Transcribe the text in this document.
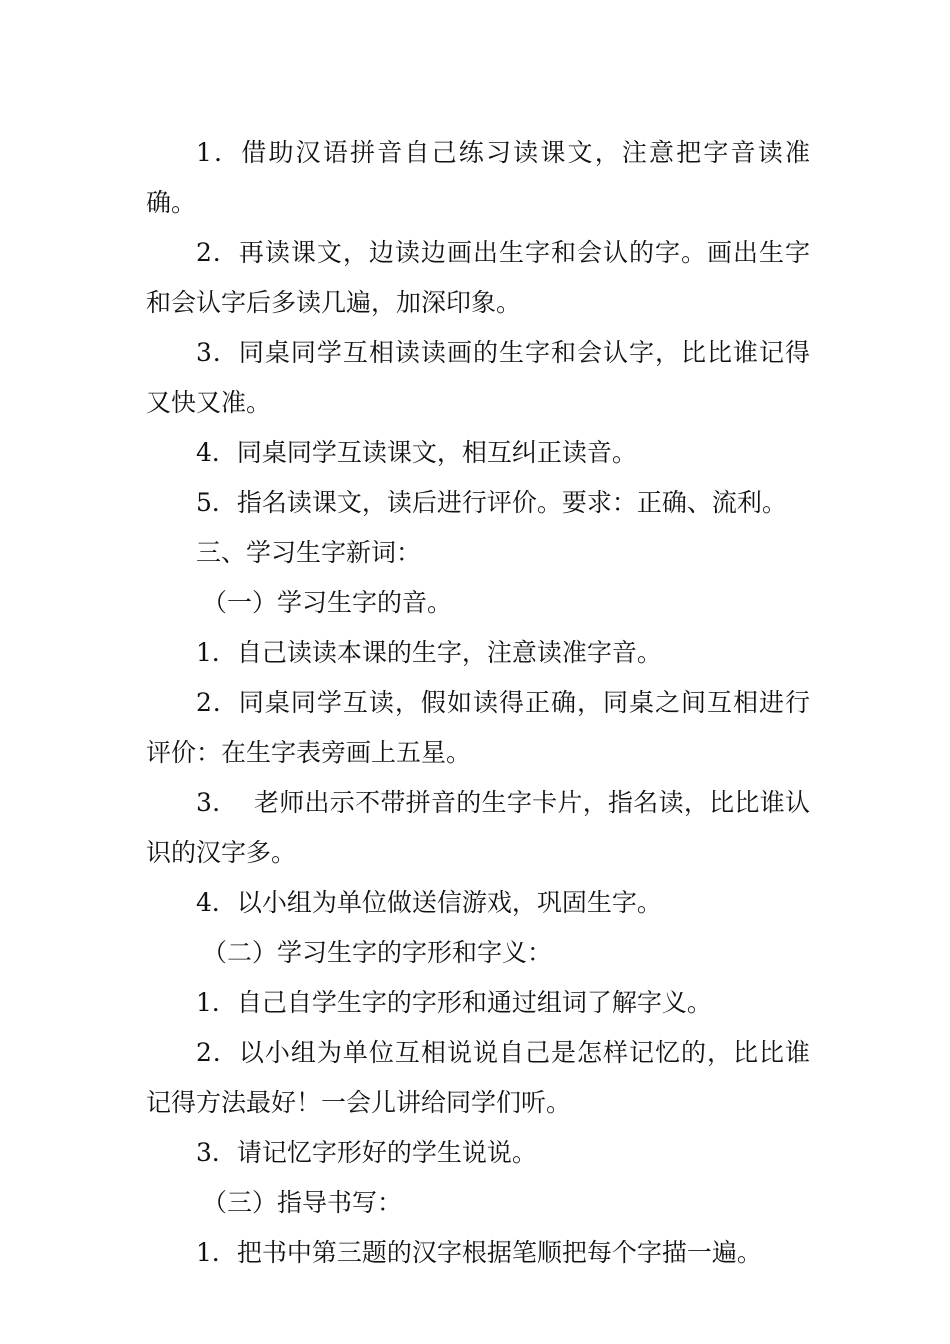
1．借助汉语拼音自己练习读课文，注意把字音读准确。

2．再读课文，边读边画出生字和会认的字。画出生字和会认字后多读几遍，加深印象。

3．同桌同学互相读读画的生字和会认字，比比谁记得又快又准。

4．同桌同学互读课文，相互纠正读音。

5．指名读课文，读后进行评价。要求：正确、流利。

三、学习生字新词：

（一）学习生字的音。

1．自己读读本课的生字，注意读准字音。

2．同桌同学互读，假如读得正确，同桌之间互相进行评价：在生字表旁画上五星。

3．  老师出示不带拼音的生字卡片，指名读，比比谁认识的汉字多。

4．以小组为单位做送信游戏，巩固生字。

（二）学习生字的字形和字义：

1．自己自学生字的字形和通过组词了解字义。

2．以小组为单位互相说说自己是怎样记忆的，比比谁记得方法最好！一会儿讲给同学们听。

3．请记忆字形好的学生说说。

（三）指导书写：

1．把书中第三题的汉字根据笔顺把每个字描一遍。
